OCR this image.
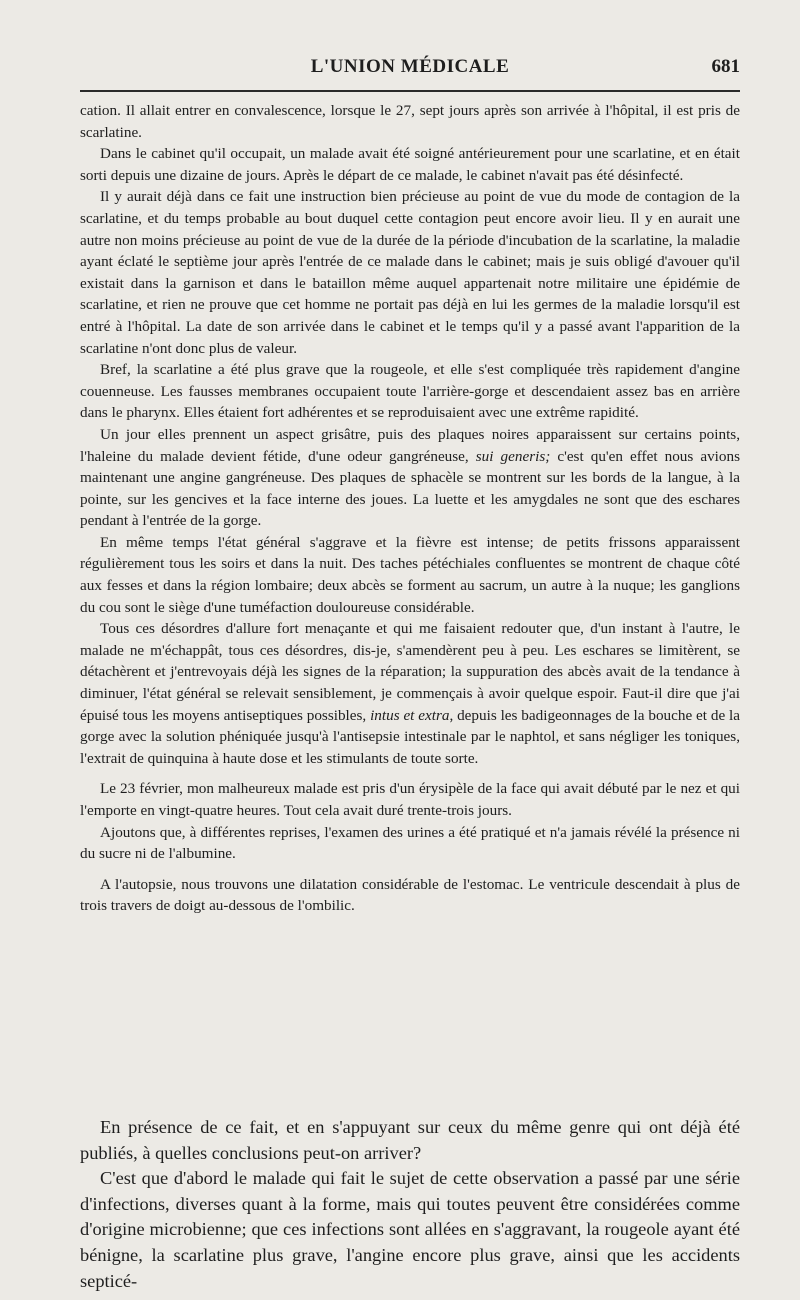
L'UNION MÉDICALE	681

cation. Il allait entrer en convalescence, lorsque le 27, sept jours après son arrivée à l'hôpital, il est pris de scarlatine.

Dans le cabinet qu'il occupait, un malade avait été soigné antérieurement pour une scarlatine, et en était sorti depuis une dizaine de jours. Après le départ de ce malade, le cabinet n'avait pas été désinfecté.

Il y aurait déjà dans ce fait une instruction bien précieuse au point de vue du mode de contagion de la scarlatine, et du temps probable au bout duquel cette contagion peut encore avoir lieu. Il y en aurait une autre non moins précieuse au point de vue de la durée de la période d'incubation de la scarlatine, la maladie ayant éclaté le septième jour après l'entrée de ce malade dans le cabinet; mais je suis obligé d'avouer qu'il existait dans la garnison et dans le bataillon même auquel appartenait notre militaire une épidémie de scarlatine, et rien ne prouve que cet homme ne portait pas déjà en lui les germes de la maladie lorsqu'il est entré à l'hôpital. La date de son arrivée dans le cabinet et le temps qu'il y a passé avant l'apparition de la scarlatine n'ont donc plus de valeur.

Bref, la scarlatine a été plus grave que la rougeole, et elle s'est compliquée très rapidement d'angine couenneuse. Les fausses membranes occupaient toute l'arrière-gorge et descendaient assez bas en arrière dans le pharynx. Elles étaient fort adhérentes et se reproduisaient avec une extrême rapidité.

Un jour elles prennent un aspect grisâtre, puis des plaques noires apparaissent sur certains points, l'haleine du malade devient fétide, d'une odeur gangréneuse, sui generis; c'est qu'en effet nous avions maintenant une angine gangréneuse. Des plaques de sphacèle se montrent sur les bords de la langue, à la pointe, sur les gencives et la face interne des joues. La luette et les amygdales ne sont que des eschares pendant à l'entrée de la gorge.

En même temps l'état général s'aggrave et la fièvre est intense; de petits frissons apparaissent régulièrement tous les soirs et dans la nuit. Des taches pétéchiales confluentes se montrent de chaque côté aux fesses et dans la région lombaire; deux abcès se forment au sacrum, un autre à la nuque; les ganglions du cou sont le siège d'une tuméfaction douloureuse considérable.

Tous ces désordres d'allure fort menaçante et qui me faisaient redouter que, d'un instant à l'autre, le malade ne m'échappât, tous ces désordres, dis-je, s'amendèrent peu à peu. Les eschares se limitèrent, se détachèrent et j'entrevoyais déjà les signes de la réparation; la suppuration des abcès avait de la tendance à diminuer, l'état général se relevait sensiblement, je commençais à avoir quelque espoir. Faut-il dire que j'ai épuisé tous les moyens antiseptiques possibles, intus et extra, depuis les badigeonnages de la bouche et de la gorge avec la solution phéniquée jusqu'à l'antisepsie intestinale par le naphtol, et sans négliger les toniques, l'extrait de quinquina à haute dose et les stimulants de toute sorte.

Le 23 février, mon malheureux malade est pris d'un érysipèle de la face qui avait débuté par le nez et qui l'emporte en vingt-quatre heures. Tout cela avait duré trente-trois jours.

Ajoutons que, à différentes reprises, l'examen des urines a été pratiqué et n'a jamais révélé la présence ni du sucre ni de l'albumine.

A l'autopsie, nous trouvons une dilatation considérable de l'estomac. Le ventricule descendait à plus de trois travers de doigt au-dessous de l'ombilic.

En présence de ce fait, et en s'appuyant sur ceux du même genre qui ont déjà été publiés, à quelles conclusions peut-on arriver?

C'est que d'abord le malade qui fait le sujet de cette observation a passé par une série d'infections, diverses quant à la forme, mais qui toutes peuvent être considérées comme d'origine microbienne; que ces infections sont allées en s'aggravant, la rougeole ayant été bénigne, la scarlatine plus grave, l'angine encore plus grave, ainsi que les accidents septicé-
